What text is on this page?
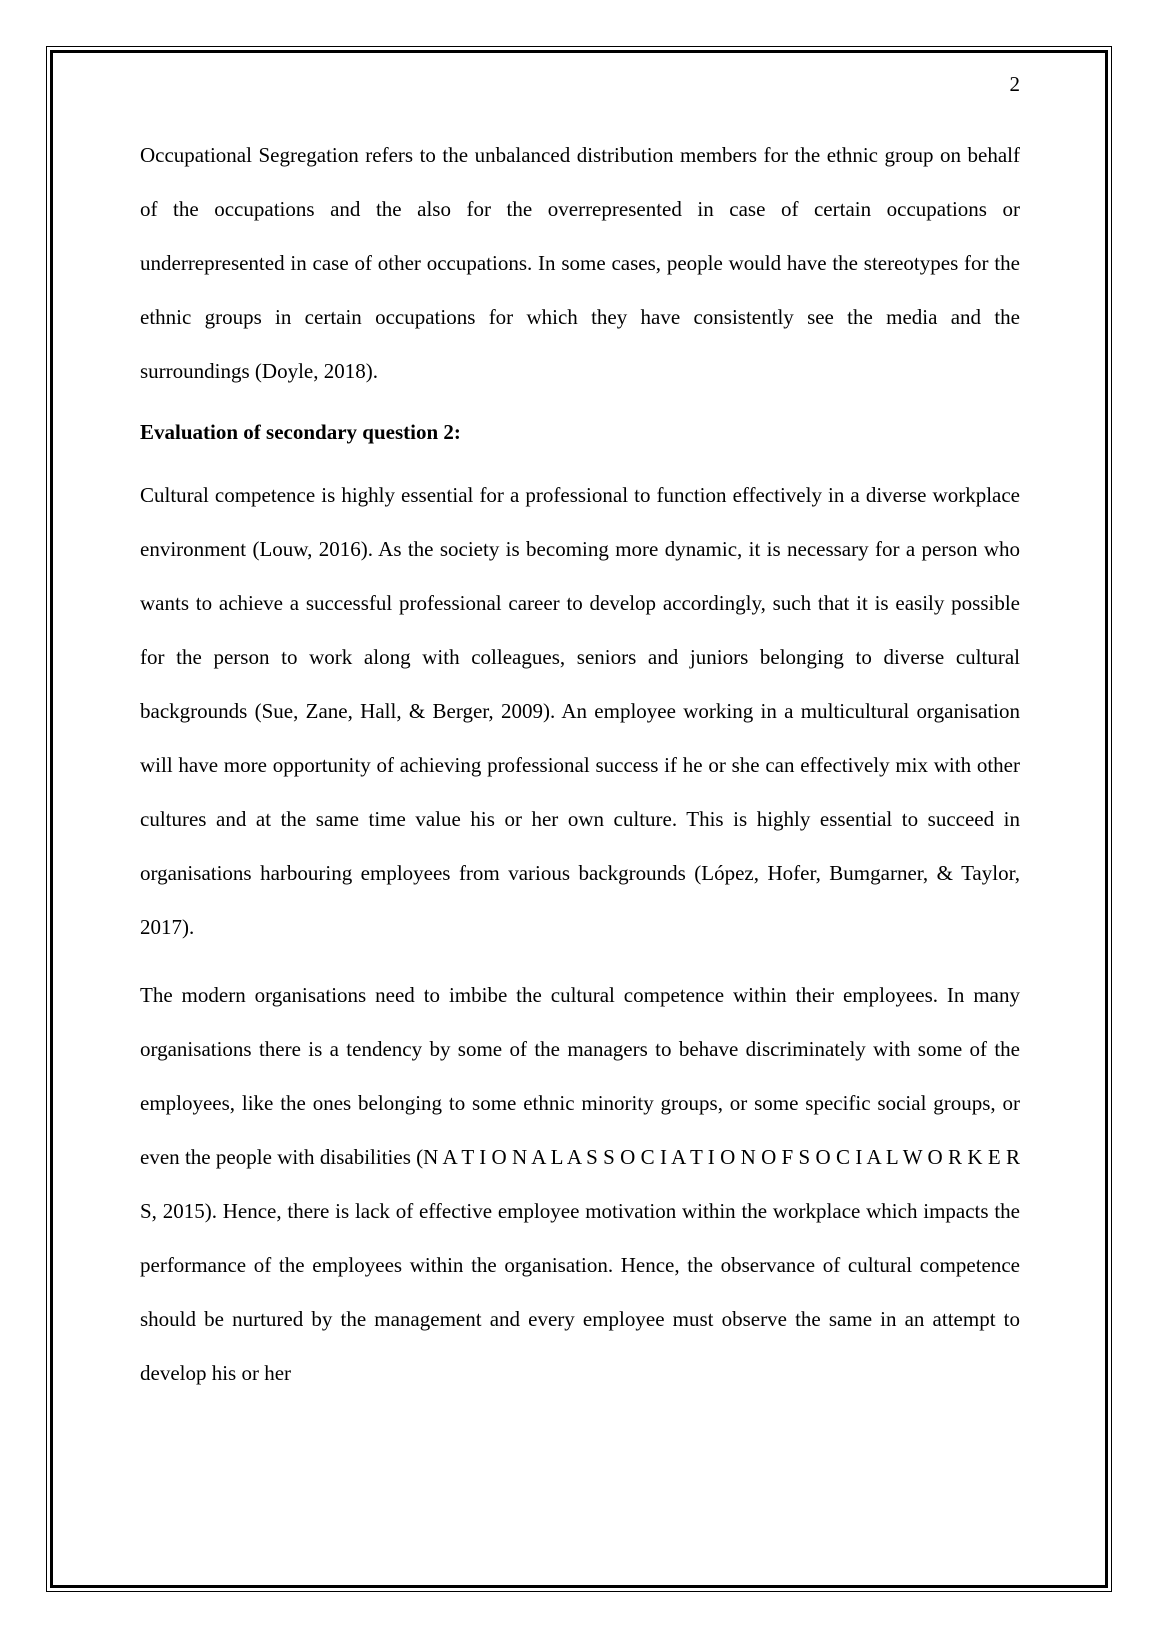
2

Occupational Segregation refers to the unbalanced distribution members for the ethnic group on behalf of the occupations and the also for the overrepresented in case of certain occupations or underrepresented in case of other occupations. In some cases, people would have the stereotypes for the ethnic groups in certain occupations for which they have consistently see the media and the surroundings (Doyle, 2018).

Evaluation of secondary question 2:

Cultural competence is highly essential for a professional to function effectively in a diverse workplace environment (Louw, 2016). As the society is becoming more dynamic, it is necessary for a person who wants to achieve a successful professional career to develop accordingly, such that it is easily possible for the person to work along with colleagues, seniors and juniors belonging to diverse cultural backgrounds (Sue, Zane, Hall, & Berger, 2009). An employee working in a multicultural organisation will have more opportunity of achieving professional success if he or she can effectively mix with other cultures and at the same time value his or her own culture. This is highly essential to succeed in organisations harbouring employees from various backgrounds (López, Hofer, Bumgarner, & Taylor, 2017).

The modern organisations need to imbibe the cultural competence within their employees. In many organisations there is a tendency by some of the managers to behave discriminately with some of the employees, like the ones belonging to some ethnic minority groups, or some specific social groups, or even the people with disabilities (N A T I O N A L A S S O C I A T I O N O F S O C I A L W O R K E R S, 2015). Hence, there is lack of effective employee motivation within the workplace which impacts the performance of the employees within the organisation. Hence, the observance of cultural competence should be nurtured by the management and every employee must observe the same in an attempt to develop his or her
